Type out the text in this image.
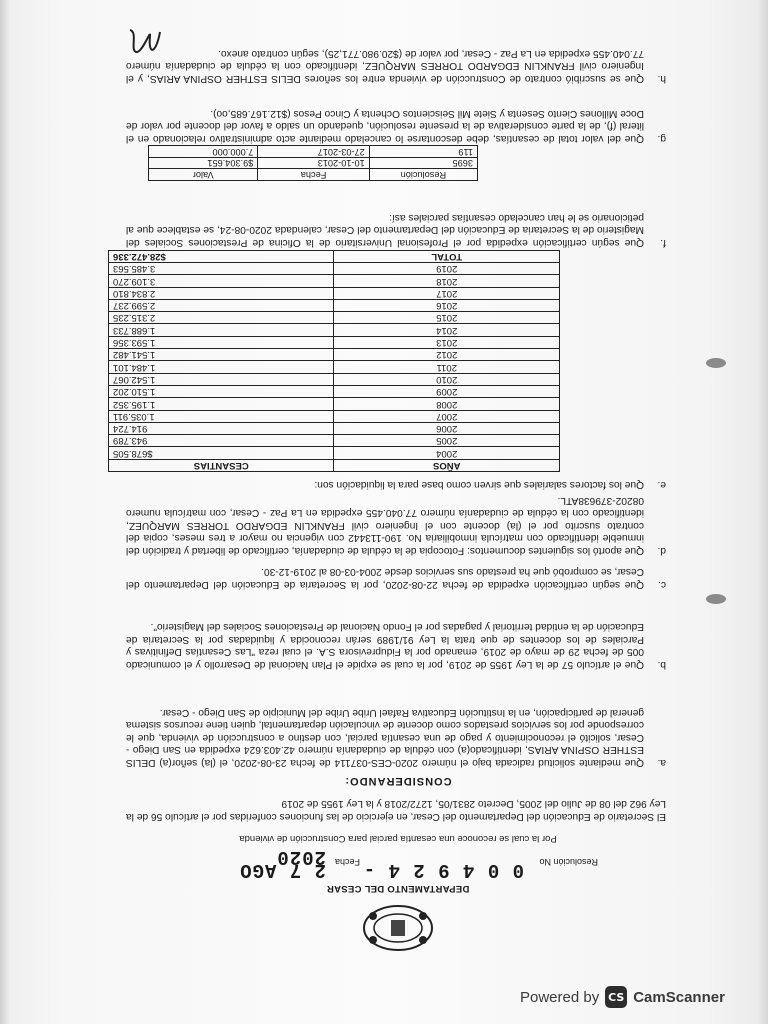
DEPARTAMENTO DEL CESAR
Resolución No
0 0 4 9 2 4 -
Fecha
2 7 AGO 2020
Por la cual se reconoce una cesantía parcial para Construcción de vivienda
El Secretario de Educación del Departamento del Cesar, en ejercicio de las funciones conferidas por el artículo 56 de la Ley 962 del 08 de Julio del 2005, Decreto 2831/05, 1272/2018 y la Ley 1955 de 2019
CONSIDERANDO:
a.
Que mediante solicitud radicada bajo el número 2020-CES-037114 de fecha 23-08-2020, el (la) señor(a) DELIS ESTHER OSPINA ARIAS, identificado(a) con cédula de ciudadanía número 42.403.624 expedida en San Diego - Cesar, solicitó el reconocimiento y pago de una cesantía parcial, con destino a construcción de vivienda, que le corresponde por los servicios prestados como docente de vinculación departamental, quien tiene recursos sistema general de participación, en la Institución Educativa Rafael Uribe Uribe del Municipio de San Diego - Cesar.
b.
Que el artículo 57 de la Ley 1955 de 2019, por la cual se expide el Plan Nacional de Desarrollo y el comunicado 005 de fecha 29 de mayo de 2019, emanado por la Fiduprevisora S.A. el cual reza "Las Cesantías Definitivas y Parciales de los docentes de que trata la Ley 91/1989 serán reconocida y liquidadas por la Secretaria de Educación de la entidad territorial y pagadas por el Fondo Nacional de Prestaciones Sociales del Magisterio".
c.
Que según certificación expedida de fecha 22-08-2020, por la Secretaria de Educación del Departamento del Cesar, se comprobó que ha prestado sus servicios desde 2004-03-08 al 2019-12-30.
d.
Que aportó los siguientes documentos: Fotocopia de la cédula de ciudadanía, certificado de libertad y tradición del inmueble identificado con matrícula inmobiliaria No. 190-113442 con vigencia no mayor a tres meses, copia del contrato suscrito por el (la) docente con el Ingeniero civil FRANKLIN EDGARDO TORRES MARQUEZ, identificado con la cédula de ciudadanía número 77.040.455 expedida en La Paz - Cesar, con matrícula numero 08202-379638ATL.
e.
Que los factores salariales que sirven como base para la liquidación son:
AÑOS	CESANTIAS
2004	$678.505
2005	943.789
2006	914.724
2007	1.035.911
2008	1.195.352
2009	1.510.202
2010	1.542.067
2011	1.484.101
2012	1.541.482
2013	1.593.356
2014	1.688.733
2015	2.315.235
2016	2.599.237
2017	2.834.810
2018	3.109.270
2019	3.485.563
TOTAL	$28.472.336
f.
Que según certificación expedida por el Profesional Universitario de la Oficina de Prestaciones Sociales del Magisterio de la Secretaria de Educación del Departamento del Cesar, calendada 2020-08-24, se establece que al peticionario se le han cancelado cesantías parciales así:
Resolución	Fecha	Valor
3695	10-10-2013	$9.304.651
119	27-03-2017	7.000.000
g.
Que del valor total de cesantías, debe descontarse lo cancelado mediante acto administrativo relacionado en el literal (f), de la parte considerativa de la presente resolución, quedando un saldo a favor del docente por valor de Doce Millones Ciento Sesenta y Siete Mil Seiscientos Ochenta y Cinco Pesos ($12.167.685,oo).
h.
Que se suscribió contrato de Construcción de vivienda entre los señores DELIS ESTHER OSPINA ARIAS, y el Ingeniero civil FRANKLIN EDGARDO TORRES MARQUEZ, identificado con la cédula de ciudadanía número 77.040.455 expedida en La Paz - Cesar, por valor de ($20.980.771,25), según contrato anexo.
Powered by CS CamScanner
